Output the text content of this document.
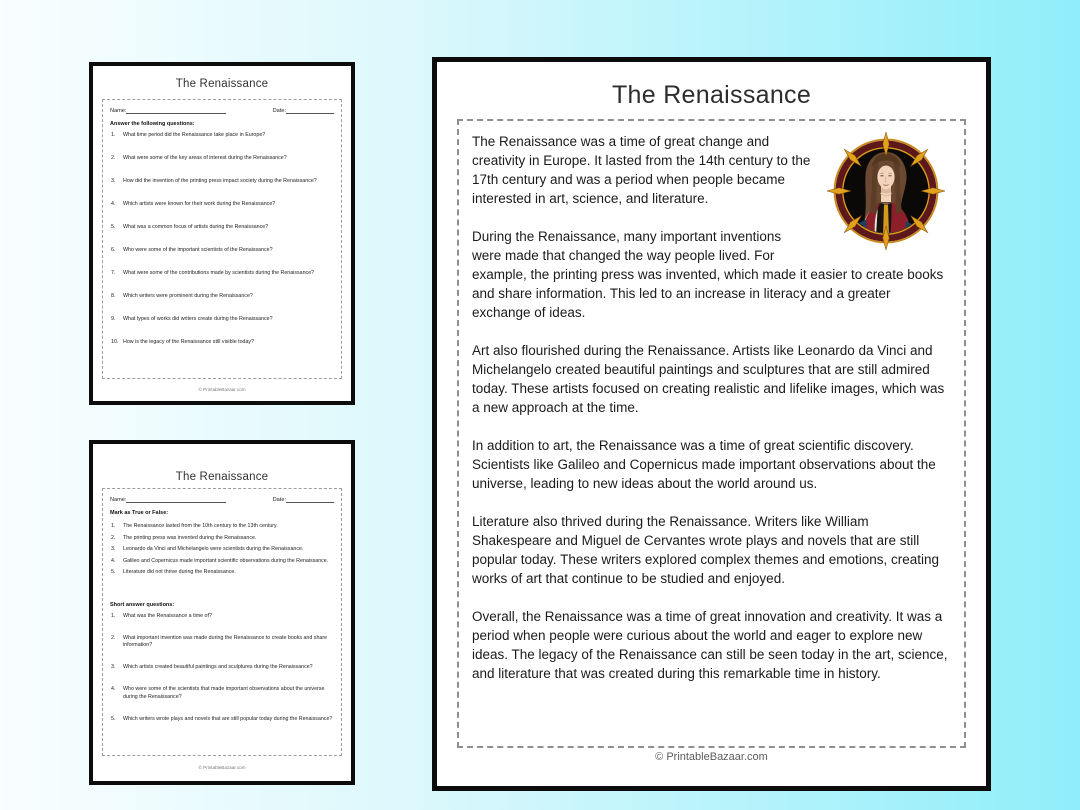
The Renaissance
Name:	Date:
Answer the following questions:
What time period did the Renaissance take place in Europe?
What were some of the key areas of interest during the Renaissance?
How did the invention of the printing press impact society during the Renaissance?
Which artists were known for their work during the Renaissance?
What was a common focus of artists during the Renaissance?
Who were some of the important scientists of the Renaissance?
What were some of the contributions made by scientists during the Renaissance?
Which writers were prominent during the Renaissance?
What types of works did writers create during the Renaissance?
How is the legacy of the Renaissance still visible today?
© PrintableBazaar.com
The Renaissance
Name:	Date:
Mark as True or False:
The Renaissance lasted from the 10th century to the 13th century.
The printing press was invented during the Renaissance.
Leonardo da Vinci and Michelangelo were scientists during the Renaissance.
Galileo and Copernicus made important scientific observations during the Renaissance.
Literature did not thrive during the Renaissance.
Short answer questions:
What was the Renaissance a time of?
What important invention was made during the Renaissance to create books and share information?
Which artists created beautiful paintings and sculptures during the Renaissance?
Who were some of the scientists that made important observations about the universe during the Renaissance?
Which writers wrote plays and novels that are still popular today during the Renaissance?
© PrintableBazaar.com
The Renaissance

The Renaissance was a time of great change and creativity in Europe. It lasted from the 14th century to the 17th century and was a period when people became interested in art, science, and literature.

During the Renaissance, many important inventions were made that changed the way people lived. For example, the printing press was invented, which made it easier to create books and share information. This led to an increase in literacy and a greater exchange of ideas.

Art also flourished during the Renaissance. Artists like Leonardo da Vinci and Michelangelo created beautiful paintings and sculptures that are still admired today. These artists focused on creating realistic and lifelike images, which was a new approach at the time.

In addition to art, the Renaissance was a time of great scientific discovery. Scientists like Galileo and Copernicus made important observations about the universe, leading to new ideas about the world around us.

Literature also thrived during the Renaissance. Writers like William Shakespeare and Miguel de Cervantes wrote plays and novels that are still popular today. These writers explored complex themes and emotions, creating works of art that continue to be studied and enjoyed.

Overall, the Renaissance was a time of great innovation and creativity. It was a period when people were curious about the world and eager to explore new ideas. The legacy of the Renaissance can still be seen today in the art, science, and literature that was created during this remarkable time in history.

© PrintableBazaar.com
